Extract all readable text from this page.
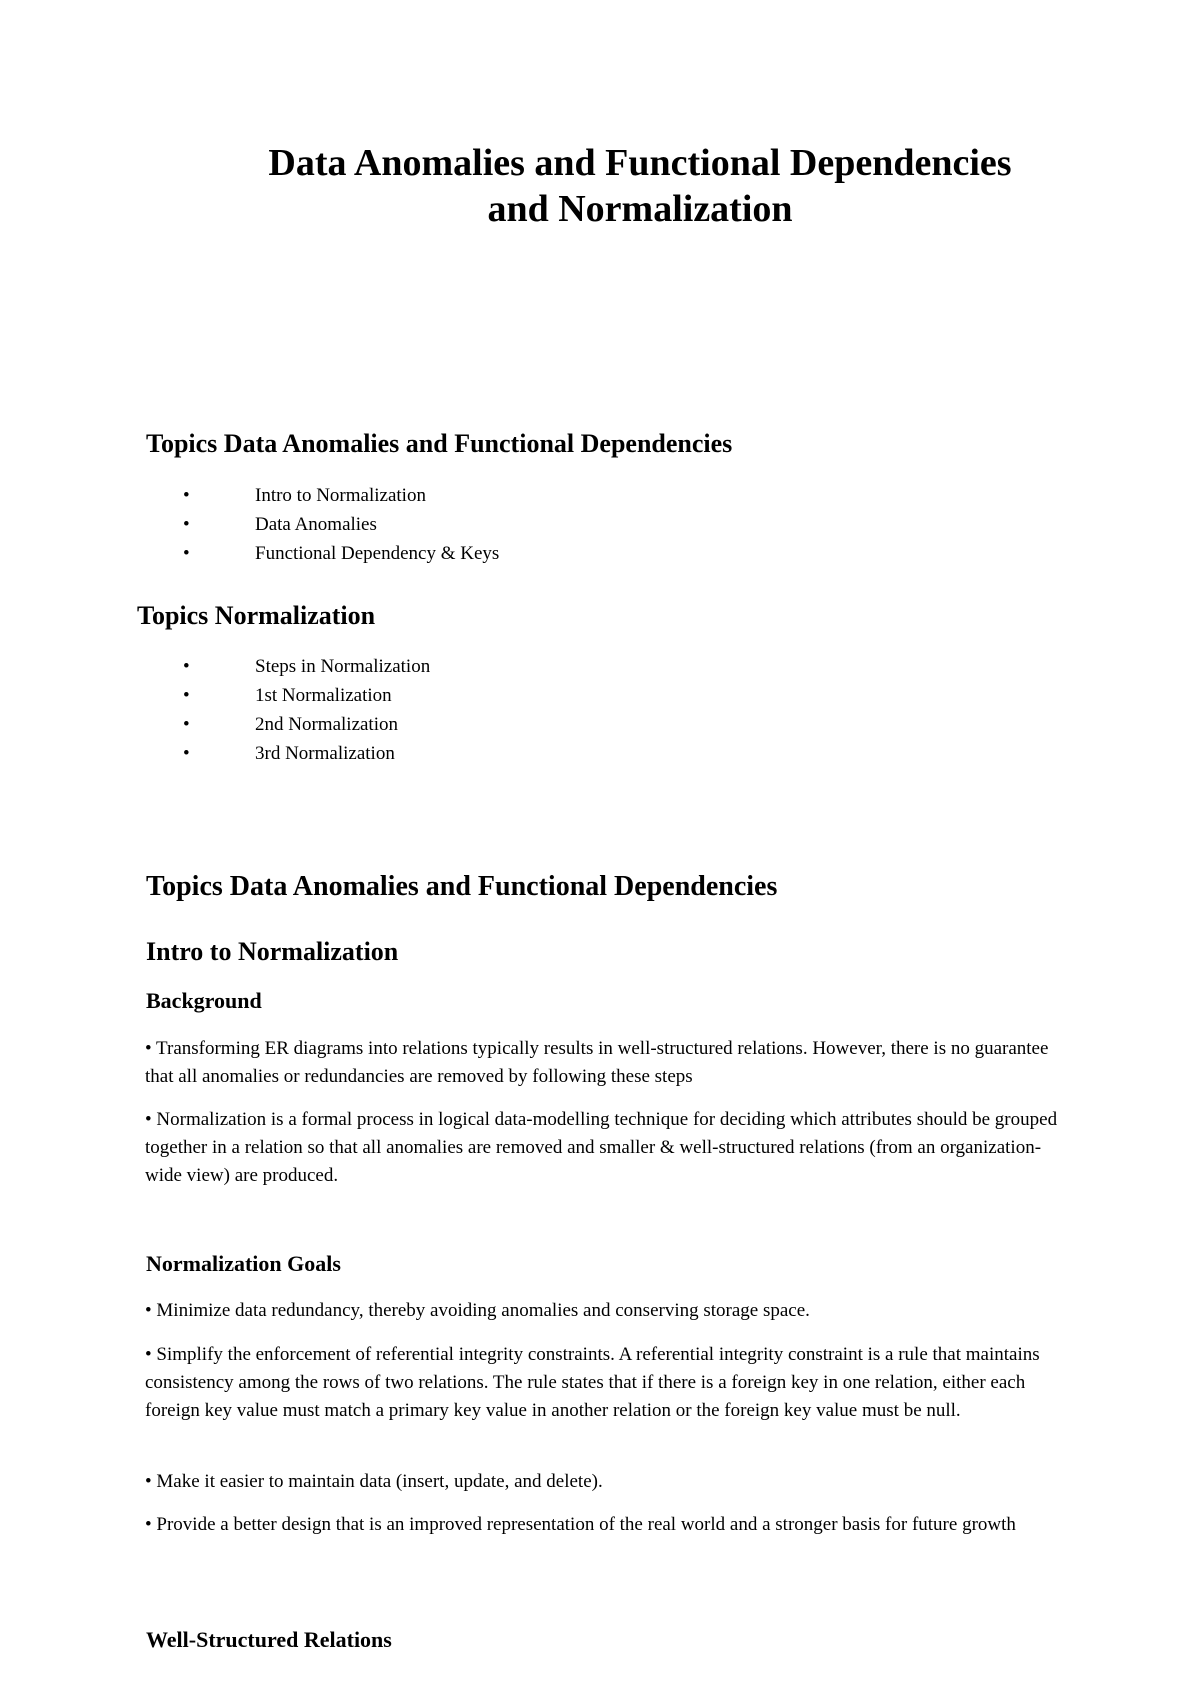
Data Anomalies and Functional Dependencies
and Normalization
Topics Data Anomalies and Functional Dependencies
• Intro to Normalization
• Data Anomalies
• Functional Dependency & Keys
Topics Normalization
• Steps in Normalization
• 1st Normalization
• 2nd Normalization
• 3rd Normalization
Topics Data Anomalies and Functional Dependencies
Intro to Normalization
Background

• Transforming ER diagrams into relations typically results in well-structured relations. However, there is no guarantee that all anomalies or redundancies are removed by following these steps

• Normalization is a formal process in logical data-modelling technique for deciding which attributes should be grouped together in a relation so that all anomalies are removed and smaller & well-structured relations (from an organization-wide view) are produced.

Normalization Goals

• Minimize data redundancy, thereby avoiding anomalies and conserving storage space.

• Simplify the enforcement of referential integrity constraints. A referential integrity constraint is a rule that maintains consistency among the rows of two relations. The rule states that if there is a foreign key in one relation, either each foreign key value must match a primary key value in another relation or the foreign key value must be null.

• Make it easier to maintain data (insert, update, and delete).

• Provide a better design that is an improved representation of the real world and a stronger basis for future growth

Well-Structured Relations
